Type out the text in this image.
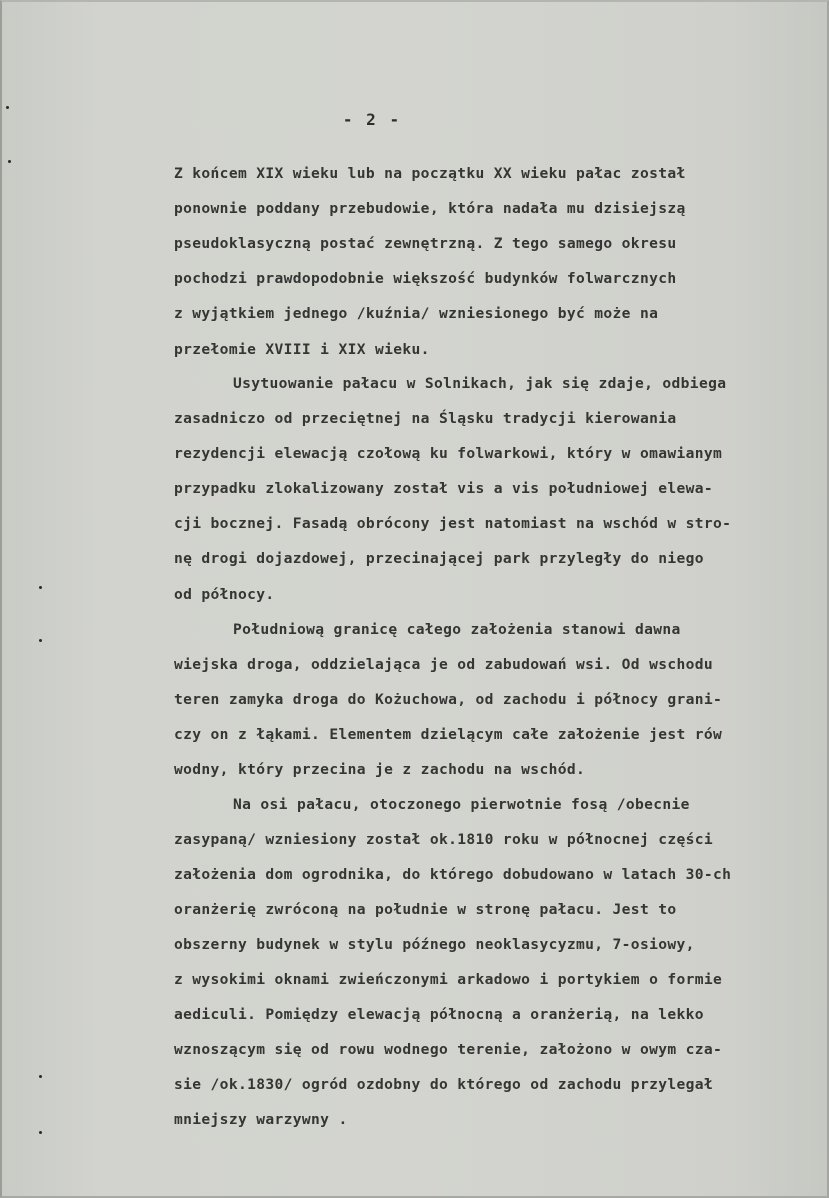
- 2 -
Z końcem XIX wieku lub na początku XX wieku pałac został
ponownie poddany przebudowie, która nadała mu dzisiejszą
pseudoklasyczną postać zewnętrzną. Z tego samego okresu
pochodzi prawdopodobnie większość budynków folwarcznych
z wyjątkiem jednego /kuźnia/ wzniesionego być może na
przełomie XVIII i XIX wieku.
Usytuowanie pałacu w Solnikach, jak się zdaje, odbiega
zasadniczo od przeciętnej na Śląsku tradycji kierowania
rezydencji elewacją czołową ku folwarkowi, który w omawianym
przypadku zlokalizowany został vis a vis południowej elewa-
cji bocznej. Fasadą obrócony jest natomiast na wschód w stro-
nę drogi dojazdowej, przecinającej park przyległy do niego
od północy.
Południową granicę całego założenia stanowi dawna
wiejska droga, oddzielająca je od zabudowań wsi. Od wschodu
teren zamyka droga do Kożuchowa, od zachodu i północy grani-
czy on z łąkami. Elementem dzielącym całe założenie jest rów
wodny, który przecina je z zachodu na wschód.
Na osi pałacu, otoczonego pierwotnie fosą /obecnie
zasypaną/ wzniesiony został ok.1810 roku w północnej części
założenia dom ogrodnika, do którego dobudowano w latach 30-ch
oranżerię zwróconą na południe w stronę pałacu. Jest to
obszerny budynek w stylu późnego neoklasycyzmu, 7-osiowy,
z wysokimi oknami zwieńczonymi arkadowo i portykiem o formie
aediculi. Pomiędzy elewacją północną a oranżerią, na lekko
wznoszącym się od rowu wodnego terenie, założono w owym cza-
sie /ok.1830/ ogród ozdobny do którego od zachodu przylegał
mniejszy warzywny .
